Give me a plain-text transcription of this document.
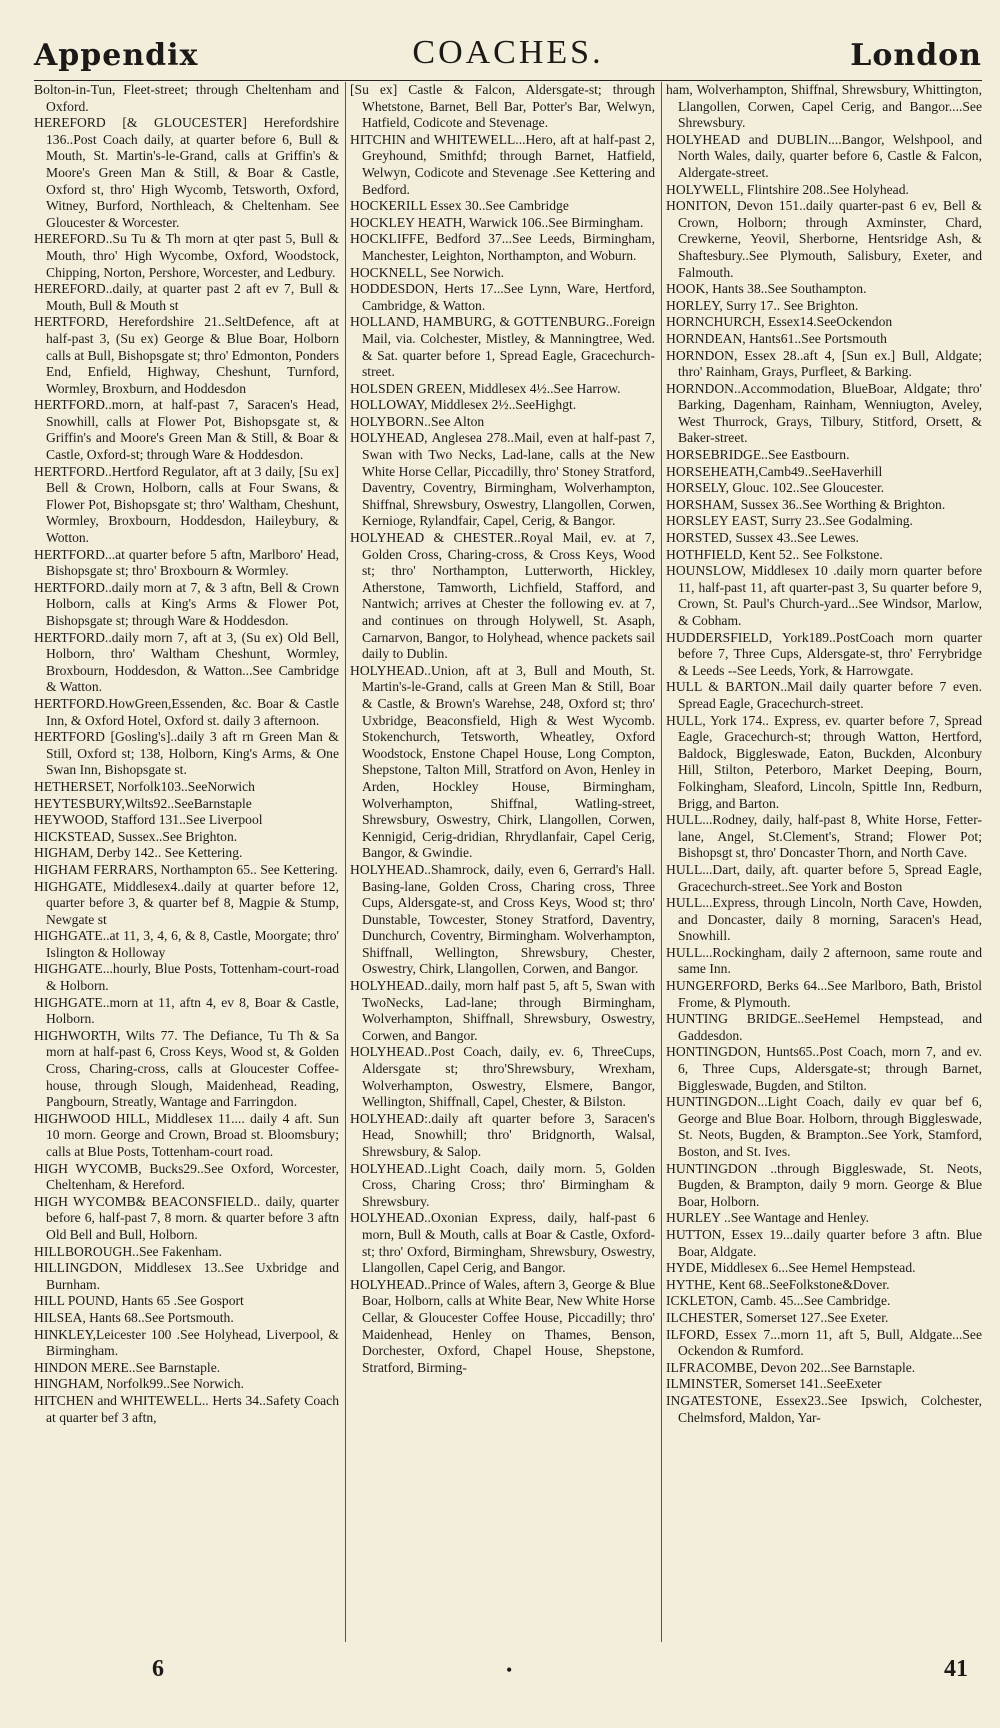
Appendix	COACHES.	London

Bolton-in-Tun, Fleet-street; through Cheltenham and Oxford.

HEREFORD [& GLOUCESTER] Herefordshire 136..Post Coach daily, at quarter before 6, Bull & Mouth, St. Martin's-le-Grand, calls at Griffin's & Moore's Green Man & Still, & Boar & Castle, Oxford st, thro' High Wycomb, Tetsworth, Oxford, Witney, Burford, Northleach, & Cheltenham. See Gloucester & Worcester.

HEREFORD..Su Tu & Th morn at qter past 5, Bull & Mouth, thro' High Wycombe, Oxford, Woodstock, Chipping, Norton, Pershore, Worcester, and Ledbury.

HEREFORD..daily, at quarter past 2 aft ev 7, Bull & Mouth, Bull & Mouth st

HERTFORD, Herefordshire 21..SeltDefence, aft at half-past 3, (Su ex) George & Blue Boar, Holborn calls at Bull, Bishopsgate st; thro' Edmonton, Ponders End, Enfield, Highway, Cheshunt, Turnford, Wormley, Broxburn, and Hoddesdon

HERTFORD..morn, at half-past 7, Saracen's Head, Snowhill, calls at Flower Pot, Bishopsgate st, & Griffin's and Moore's Green Man & Still, & Boar & Castle, Oxford-st; through Ware & Hoddesdon.

HERTFORD..Hertford Regulator, aft at 3 daily, [Su ex] Bell & Crown, Holborn, calls at Four Swans, & Flower Pot, Bishopsgate st; thro' Waltham, Cheshunt, Wormley, Broxbourn, Hoddesdon, Haileybury, & Wotton.

HERTFORD...at quarter before 5 aftn, Marlboro' Head, Bishopsgate st; thro' Broxbourn & Wormley.

HERTFORD..daily morn at 7, & 3 aftn, Bell & Crown Holborn, calls at King's Arms & Flower Pot, Bishopsgate st; through Ware & Hoddesdon.

HERTFORD..daily morn 7, aft at 3, (Su ex) Old Bell, Holborn, thro' Waltham Cheshunt, Wormley, Broxbourn, Hoddesdon, & Watton...See Cambridge & Watton.

HERTFORD.HowGreen,Essenden, &c. Boar & Castle Inn, & Oxford Hotel, Oxford st. daily 3 afternoon.

HERTFORD [Gosling's]..daily 3 aft rn Green Man & Still, Oxford st; 138, Holborn, King's Arms, & One Swan Inn, Bishopsgate st.

HETHERSET, Norfolk103..SeeNorwich

HEYTESBURY,Wilts92..SeeBarnstaple

HEYWOOD, Stafford 131..See Liverpool

HICKSTEAD, Sussex..See Brighton.

HIGHAM, Derby 142.. See Kettering.

HIGHAM FERRARS, Northampton 65.. See Kettering.

HIGHGATE, Middlesex4..daily at quarter before 12, quarter before 3, & quarter bef 8, Magpie & Stump, Newgate st

HIGHGATE..at 11, 3, 4, 6, & 8, Castle, Moorgate; thro' Islington & Holloway

HIGHGATE...hourly, Blue Posts, Tottenham-court-road & Holborn.

HIGHGATE..morn at 11, aftn 4, ev 8, Boar & Castle, Holborn.

HIGHWORTH, Wilts 77. The Defiance, Tu Th & Sa morn at half-past 6, Cross Keys, Wood st, & Golden Cross, Charing-cross, calls at Gloucester Coffee-house, through Slough, Maidenhead, Reading, Pangbourn, Streatly, Wantage and Farringdon.

HIGHWOOD HILL, Middlesex 11.... daily 4 aft. Sun 10 morn. George and Crown, Broad st. Bloomsbury; calls at Blue Posts, Tottenham-court road.

HIGH WYCOMB, Bucks29..See Oxford, Worcester, Cheltenham, & Hereford.

HIGH WYCOMB& BEACONSFIELD.. daily, quarter before 6, half-past 7, 8 morn. & quarter before 3 aftn Old Bell and Bull, Holborn.

HILLBOROUGH..See Fakenham.

HILLINGDON, Middlesex 13..See Uxbridge and Burnham.

HILL POUND, Hants 65 .See Gosport

HILSEA, Hants 68..See Portsmouth.

HINKLEY,Leicester 100 .See Holyhead, Liverpool, & Birmingham.

HINDON MERE..See Barnstaple.

HINGHAM, Norfolk99..See Norwich.

HITCHEN and WHITEWELL.. Herts 34..Safety Coach at quarter bef 3 aftn,

[Su ex] Castle & Falcon, Aldersgate-st; through Whetstone, Barnet, Bell Bar, Potter's Bar, Welwyn, Hatfield, Codicote and Stevenage.

HITCHIN and WHITEWELL...Hero, aft at half-past 2, Greyhound, Smithfd; through Barnet, Hatfield, Welwyn, Codicote and Stevenage .See Kettering and Bedford.

HOCKERILL Essex 30..See Cambridge

HOCKLEY HEATH, Warwick 106..See Birmingham.

HOCKLIFFE, Bedford 37...See Leeds, Birmingham, Manchester, Leighton, Northampton, and Woburn.

HOCKNELL, See Norwich.

HODDESDON, Herts 17...See Lynn, Ware, Hertford, Cambridge, & Watton.

HOLLAND, HAMBURG, & GOTTENBURG..Foreign Mail, via. Colchester, Mistley, & Manningtree, Wed. & Sat. quarter before 1, Spread Eagle, Gracechurch-street.

HOLSDEN GREEN, Middlesex 4½..See Harrow.

HOLLOWAY, Middlesex 2½..SeeHighgt.

HOLYBORN..See Alton

HOLYHEAD, Anglesea 278..Mail, even at half-past 7, Swan with Two Necks, Lad-lane, calls at the New White Horse Cellar, Piccadilly, thro' Stoney Stratford, Daventry, Coventry, Birmingham, Wolverhampton, Shiffnal, Shrewsbury, Oswestry, Llangollen, Corwen, Kernioge, Rylandfair, Capel, Cerig, & Bangor.

HOLYHEAD & CHESTER..Royal Mail, ev. at 7, Golden Cross, Charing-cross, & Cross Keys, Wood st; thro' Northampton, Lutterworth, Hickley, Atherstone, Tamworth, Lichfield, Stafford, and Nantwich; arrives at Chester the following ev. at 7, and continues on through Holywell, St. Asaph, Carnarvon, Bangor, to Holyhead, whence packets sail daily to Dublin.

HOLYHEAD..Union, aft at 3, Bull and Mouth, St. Martin's-le-Grand, calls at Green Man & Still, Boar & Castle, & Brown's Warehse, 248, Oxford st; thro' Uxbridge, Beaconsfield, High & West Wycomb. Stokenchurch, Tetsworth, Wheatley, Oxford Woodstock, Enstone Chapel House, Long Compton, Shepstone, Talton Mill, Stratford on Avon, Henley in Arden, Hockley House, Birmingham, Wolverhampton, Shiffnal, Watling-street, Shrewsbury, Oswestry, Chirk, Llangollen, Corwen, Kennigid, Cerig-dridian, Rhrydlanfair, Capel Cerig, Bangor, & Gwindie.

HOLYHEAD..Shamrock, daily, even 6, Gerrard's Hall. Basing-lane, Golden Cross, Charing cross, Three Cups, Aldersgate-st, and Cross Keys, Wood st; thro' Dunstable, Towcester, Stoney Stratford, Daventry, Dunchurch, Coventry, Birmingham. Wolverhampton, Shiffnall, Wellington, Shrewsbury, Chester, Oswestry, Chirk, Llangollen, Corwen, and Bangor.

HOLYHEAD..daily, morn half past 5, aft 5, Swan with TwoNecks, Lad-lane; through Birmingham, Wolverhampton, Shiffnall, Shrewsbury, Oswestry, Corwen, and Bangor.

HOLYHEAD..Post Coach, daily, ev. 6, ThreeCups, Aldersgate st; thro'Shrewsbury, Wrexham, Wolverhampton, Oswestry, Elsmere, Bangor, Wellington, Shiffnall, Capel, Chester, & Bilston.

HOLYHEAD:.daily aft quarter before 3, Saracen's Head, Snowhill; thro' Bridgnorth, Walsal, Shrewsbury, & Salop.

HOLYHEAD..Light Coach, daily morn. 5, Golden Cross, Charing Cross; thro' Birmingham & Shrewsbury.

HOLYHEAD..Oxonian Express, daily, half-past 6 morn, Bull & Mouth, calls at Boar & Castle, Oxford-st; thro' Oxford, Birmingham, Shrewsbury, Oswestry, Llangollen, Capel Cerig, and Bangor.

HOLYHEAD..Prince of Wales, aftern 3, George & Blue Boar, Holborn, calls at White Bear, New White Horse Cellar, & Gloucester Coffee House, Piccadilly; thro' Maidenhead, Henley on Thames, Benson, Dorchester, Oxford, Chapel House, Shepstone, Stratford, Birming-

ham, Wolverhampton, Shiffnal, Shrewsbury, Whittington, Llangollen, Corwen, Capel Cerig, and Bangor....See Shrewsbury.

HOLYHEAD and DUBLIN....Bangor, Welshpool, and North Wales, daily, quarter before 6, Castle & Falcon, Aldergate-street.

HOLYWELL, Flintshire 208..See Holyhead.

HONITON, Devon 151..daily quarter-past 6 ev, Bell & Crown, Holborn; through Axminster, Chard, Crewkerne, Yeovil, Sherborne, Hentsridge Ash, & Shaftesbury..See Plymouth, Salisbury, Exeter, and Falmouth.

HOOK, Hants 38..See Southampton.

HORLEY, Surry 17.. See Brighton.

HORNCHURCH, Essex14.SeeOckendon

HORNDEAN, Hants61..See Portsmouth

HORNDON, Essex 28..aft 4, [Sun ex.] Bull, Aldgate; thro' Rainham, Grays, Purfleet, & Barking.

HORNDON..Accommodation, BlueBoar, Aldgate; thro' Barking, Dagenham, Rainham, Wenniugton, Aveley, West Thurrock, Grays, Tilbury, Stitford, Orsett, & Baker-street.

HORSEBRIDGE..See Eastbourn.

HORSEHEATH,Camb49..SeeHaverhill

HORSELY, Glouc. 102..See Gloucester.

HORSHAM, Sussex 36..See Worthing & Brighton.

HORSLEY EAST, Surry 23..See Godalming.

HORSTED, Sussex 43..See Lewes.

HOTHFIELD, Kent 52.. See Folkstone.

HOUNSLOW, Middlesex 10 .daily morn quarter before 11, half-past 11, aft quarter-past 3, Su quarter before 9, Crown, St. Paul's Church-yard...See Windsor, Marlow, & Cobham.

HUDDERSFIELD, York189..PostCoach morn quarter before 7, Three Cups, Aldersgate-st, thro' Ferrybridge & Leeds --See Leeds, York, & Harrowgate.

HULL & BARTON..Mail daily quarter before 7 even. Spread Eagle, Gracechurch-street.

HULL, York 174.. Express, ev. quarter before 7, Spread Eagle, Gracechurch-st; through Watton, Hertford, Baldock, Biggleswade, Eaton, Buckden, Alconbury Hill, Stilton, Peterboro, Market Deeping, Bourn, Folkingham, Sleaford, Lincoln, Spittle Inn, Redburn, Brigg, and Barton.

HULL...Rodney, daily, half-past 8, White Horse, Fetter-lane, Angel, St.Clement's, Strand; Flower Pot; Bishopsgt st, thro' Doncaster Thorn, and North Cave.

HULL...Dart, daily, aft. quarter before 5, Spread Eagle, Gracechurch-street..See York and Boston

HULL...Express, through Lincoln, North Cave, Howden, and Doncaster, daily 8 morning, Saracen's Head, Snowhill.

HULL...Rockingham, daily 2 afternoon, same route and same Inn.

HUNGERFORD, Berks 64...See Marlboro, Bath, Bristol Frome, & Plymouth.

HUNTING BRIDGE..SeeHemel Hempstead, and Gaddesdon.

HONTINGDON, Hunts65..Post Coach, morn 7, and ev. 6, Three Cups, Aldersgate-st; through Barnet, Biggleswade, Bugden, and Stilton.

HUNTINGDON...Light Coach, daily ev quar bef 6, George and Blue Boar. Holborn, through Biggleswade, St. Neots, Bugden, & Brampton..See York, Stamford, Boston, and St. Ives.

HUNTINGDON ..through Biggleswade, St. Neots, Bugden, & Brampton, daily 9 morn. George & Blue Boar, Holborn.

HURLEY ..See Wantage and Henley.

HUTTON, Essex 19...daily quarter before 3 aftn. Blue Boar, Aldgate.

HYDE, Middlesex 6...See Hemel Hempstead.

HYTHE, Kent 68..SeeFolkstone&Dover.

ICKLETON, Camb. 45...See Cambridge.

ILCHESTER, Somerset 127..See Exeter.

ILFORD, Essex 7...morn 11, aft 5, Bull, Aldgate...See Ockendon & Rumford.

ILFRACOMBE, Devon 202...See Barnstaple.

ILMINSTER, Somerset 141..SeeExeter

INGATESTONE, Essex23..See Ipswich, Colchester, Chelmsford, Maldon, Yar-

6	•	41
